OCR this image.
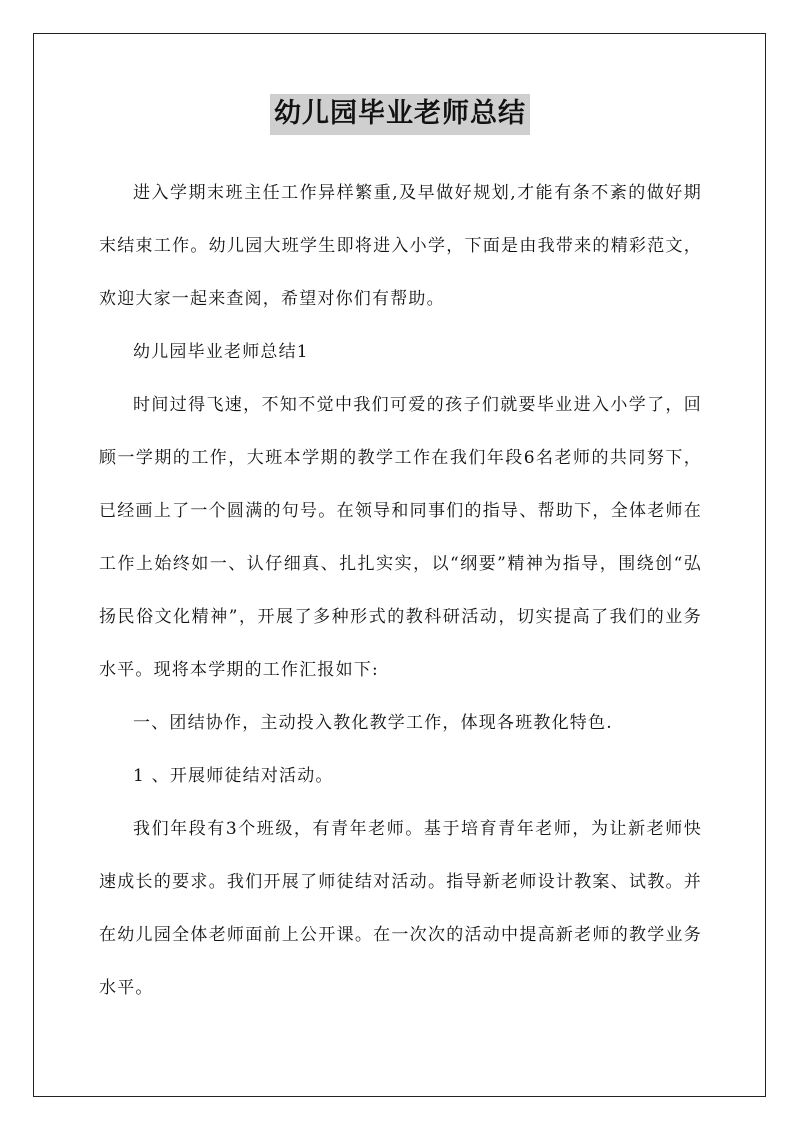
幼儿园毕业老师总结

进入学期末班主任工作异样繁重,及早做好规划,才能有条不紊的做好期末结束工作。幼儿园大班学生即将进入小学，下面是由我带来的精彩范文，欢迎大家一起来查阅，希望对你们有帮助。

幼儿园毕业老师总结1

时间过得飞速，不知不觉中我们可爱的孩子们就要毕业进入小学了，回顾一学期的工作，大班本学期的教学工作在我们年段6名老师的共同努下，已经画上了一个圆满的句号。在领导和同事们的指导、帮助下，全体老师在工作上始终如一、认仔细真、扎扎实实，以“纲要”精神为指导，围绕创“弘扬民俗文化精神”，开展了多种形式的教科研活动，切实提高了我们的业务水平。现将本学期的工作汇报如下:

一、团结协作，主动投入教化教学工作，体现各班教化特色.

1 、开展师徒结对活动。

我们年段有3个班级，有青年老师。基于培育青年老师，为让新老师快速成长的要求。我们开展了师徒结对活动。指导新老师设计教案、试教。并在幼儿园全体老师面前上公开课。在一次次的活动中提高新老师的教学业务水平。
